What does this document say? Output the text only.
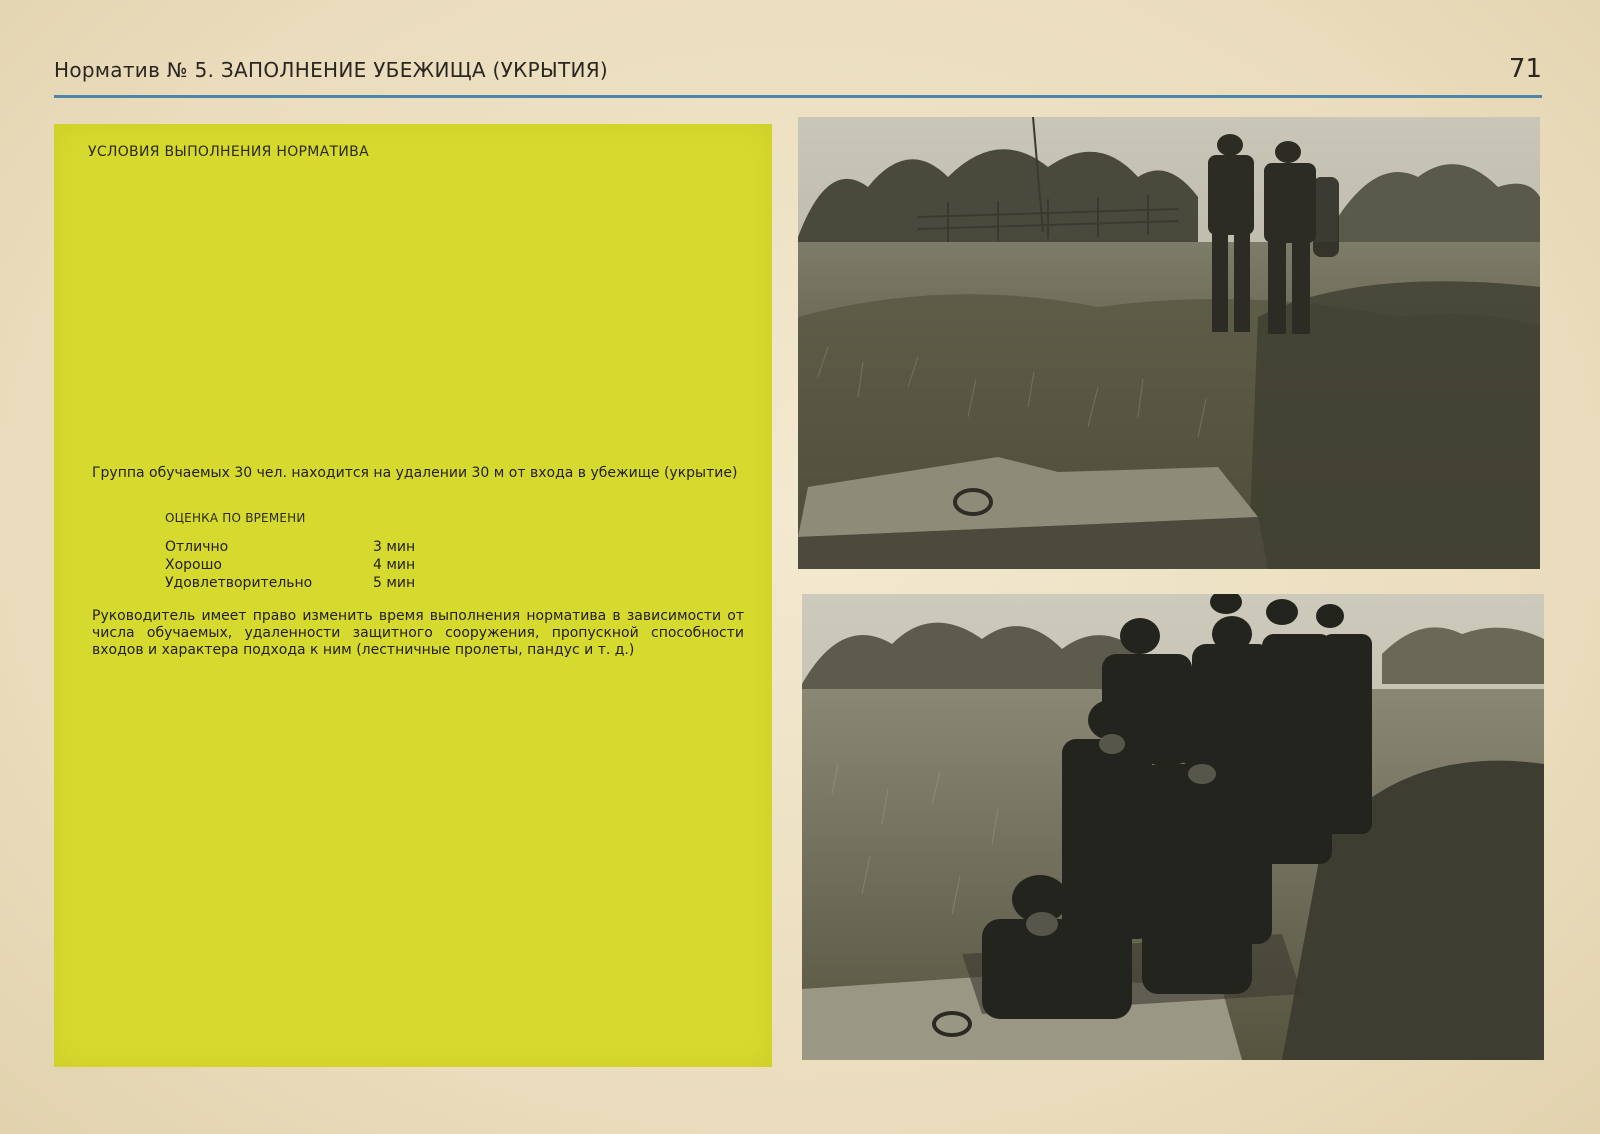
Норматив № 5. ЗАПОЛНЕНИЕ УБЕЖИЩА (УКРЫТИЯ)	71
УСЛОВИЯ ВЫПОЛНЕНИЯ НОРМАТИВА
Группа обучаемых 30 чел. находится на удалении 30 м от входа в убежище (укрытие)
ОЦЕНКА ПО ВРЕМЕНИ
Отлично	3 мин
Хорошо	4 мин
Удовлетворительно	5 мин
Руководитель имеет право изменить время выполнения норматива в зависимости от числа обучаемых, удаленности защитного сооружения, пропускной способности входов и характера подхода к ним (лестничные пролеты, пандус и т. д.)
